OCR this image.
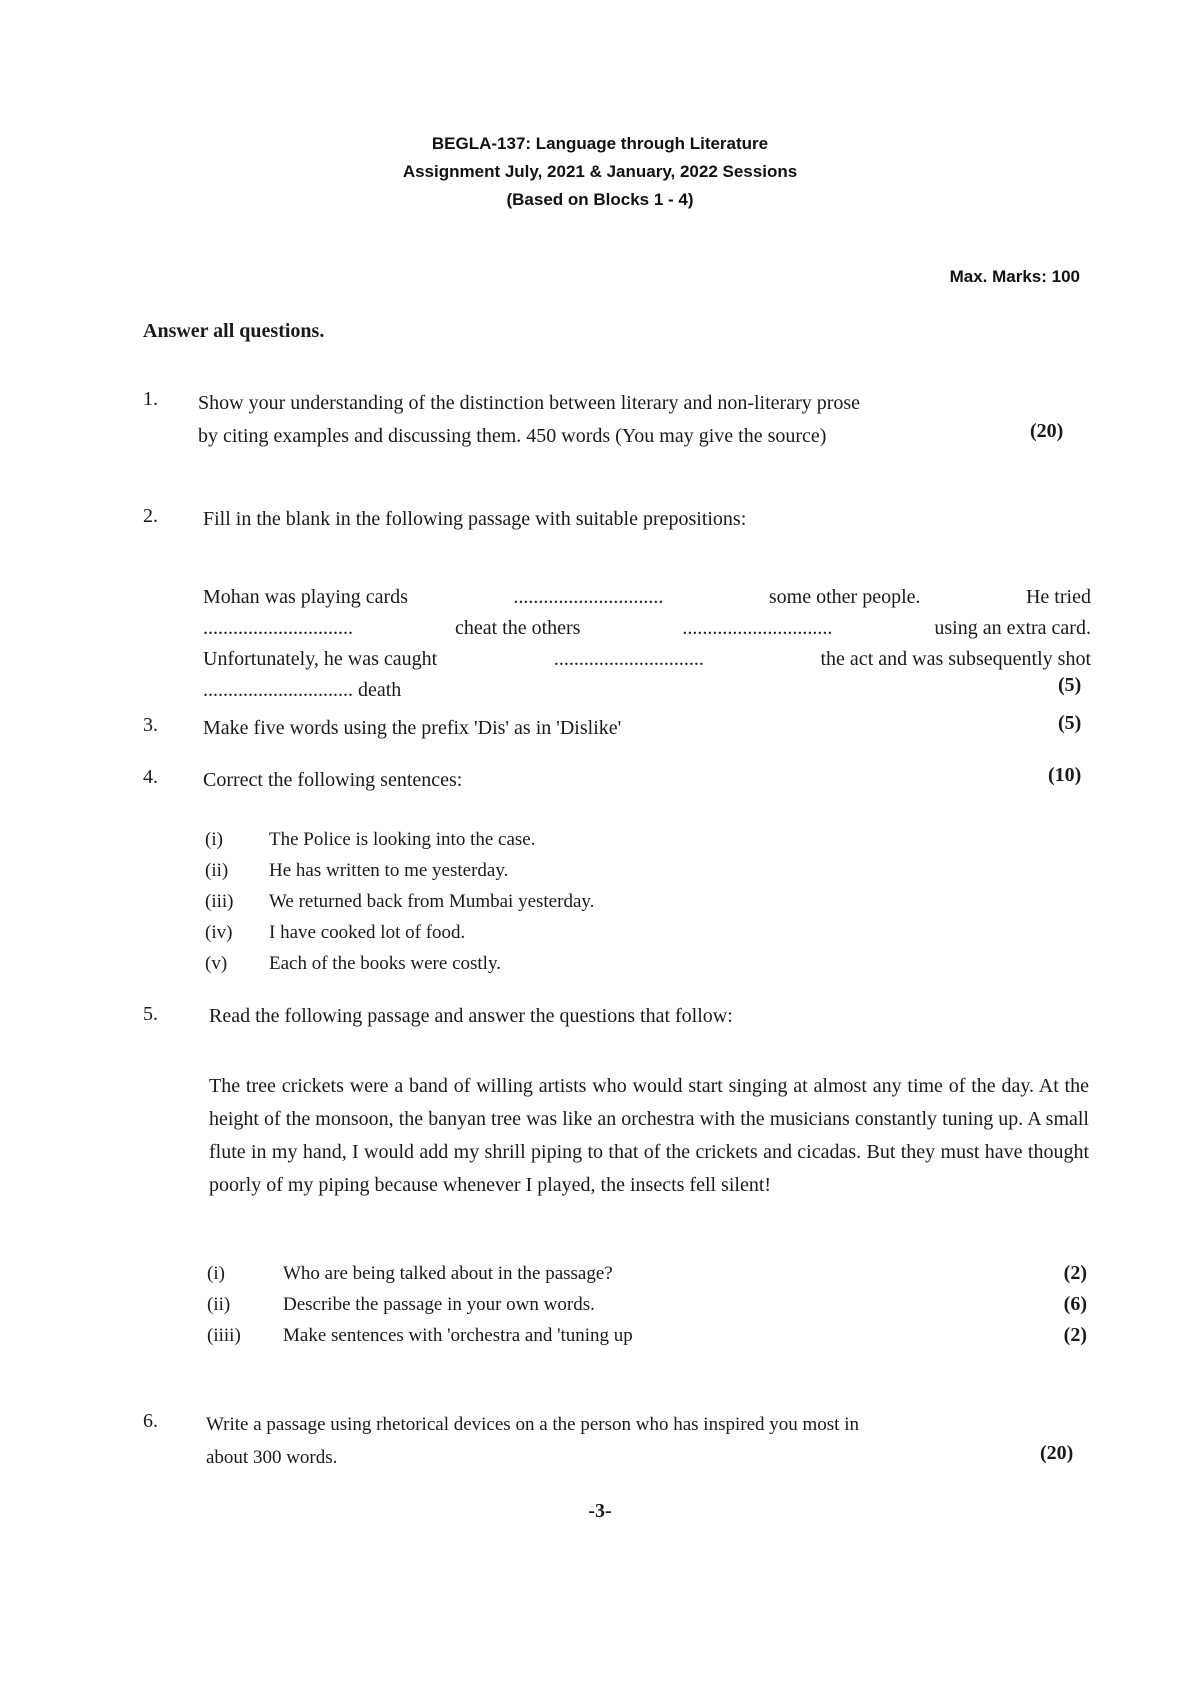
BEGLA-137: Language through Literature
Assignment July, 2021 & January, 2022 Sessions
(Based on Blocks 1 - 4)
Max. Marks: 100
Answer all questions.
1. Show your understanding of the distinction between literary and non-literary prose
by citing examples and discussing them. 450 words (You may give the source)	(20)
2. Fill in the blank in the following passage with suitable prepositions:
Mohan was playing cards	..............................	some other people.	He tried
..............................	cheat the others	..............................	using an extra card.
Unfortunately, he was caught	..............................	the act and was subsequently shot
.............................. death	(5)
3. Make five words using the prefix 'Dis' as in 'Dislike'	(5)
4. Correct the following sentences:	(10)
(i) The Police is looking into the case.
(ii) He has written to me yesterday.
(iii) We returned back from Mumbai yesterday.
(iv) I have cooked lot of food.
(v) Each of the books were costly.
5.	Read the following passage and answer the questions that follow:
The tree crickets were a band of willing artists who would start singing at almost any time of the day. At the height of the monsoon, the banyan tree was like an orchestra with the musicians constantly tuning up. A small flute in my hand, I would add my shrill piping to that of the crickets and cicadas. But they must have thought poorly of my piping because whenever I played, the insects fell silent!
(i)	Who are being talked about in the passage?	(2)
(ii)	Describe the passage in your own words.	(6)
(iiii)	Make sentences with 'orchestra and 'tuning up	(2)
6.	Write a passage using rhetorical devices on a the person who has inspired you most in
about 300 words.	(20)
-3-
